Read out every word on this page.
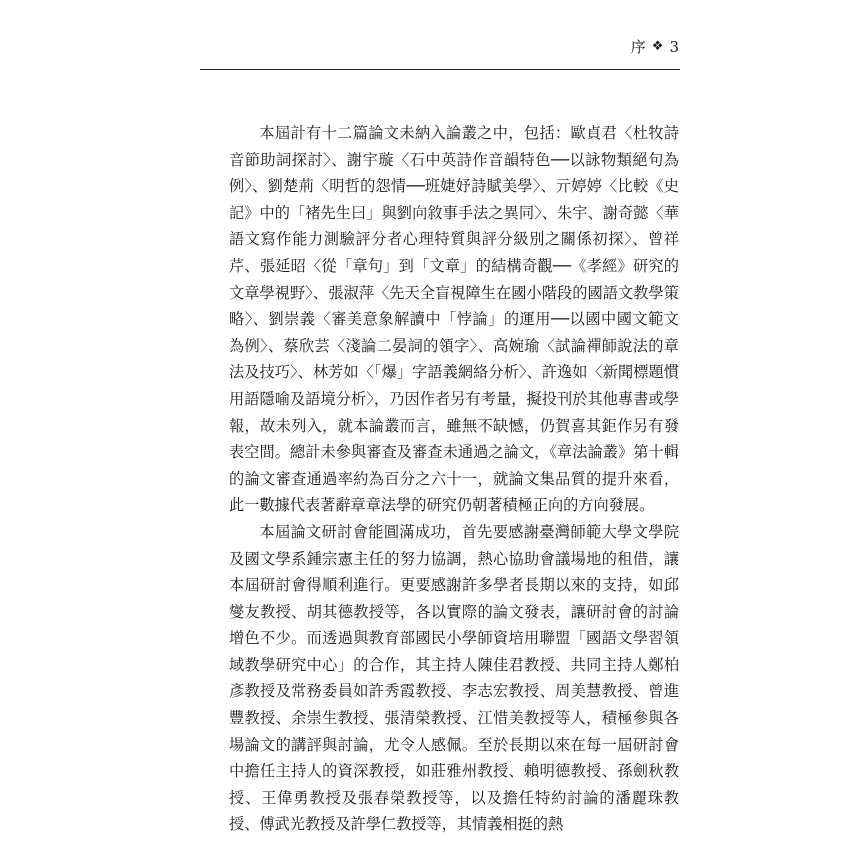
序 ❖ 3

本屆計有十二篇論文未納入論叢之中，包括：歐貞君〈杜牧詩音節助詞探討〉、謝宇璇〈石中英詩作音韻特色──以詠物類絕句為例〉、劉楚荊〈明哲的怨情──班婕妤詩賦美學〉、亓婷婷〈比較《史記》中的「褚先生曰」與劉向敘事手法之異同〉、朱宇、謝奇懿〈華語文寫作能力測驗評分者心理特質與評分級別之關係初探〉、曾祥芹、張延昭〈從「章句」到「文章」的結構奇觀──《孝經》研究的文章學視野〉、張淑萍〈先天全盲視障生在國小階段的國語文教學策略〉、劉崇義〈審美意象解讀中「悖論」的運用──以國中國文範文為例〉、蔡欣芸〈淺論二晏詞的領字〉、高婉瑜〈試論禪師說法的章法及技巧〉、林芳如〈「爆」字語義網絡分析〉、許逸如〈新聞標題慣用語隱喻及語境分析〉，乃因作者另有考量，擬投刊於其他專書或學報，故未列入，就本論叢而言，雖無不缺憾，仍賀喜其鉅作另有發表空間。總計未參與審查及審查未通過之論文，《章法論叢》第十輯的論文審查通過率約為百分之六十一，就論文集品質的提升來看，此一數據代表著辭章章法學的研究仍朝著積極正向的方向發展。

本屆論文研討會能圓滿成功，首先要感謝臺灣師範大學文學院及國文學系鍾宗憲主任的努力協調，熱心協助會議場地的租借，讓本屆研討會得順利進行。更要感謝許多學者長期以來的支持，如邱燮友教授、胡其德教授等，各以實際的論文發表，讓研討會的討論增色不少。而透過與教育部國民小學師資培用聯盟「國語文學習領域教學研究中心」的合作，其主持人陳佳君教授、共同主持人鄭柏彥教授及常務委員如許秀霞教授、李志宏教授、周美慧教授、曾進豐教授、余崇生教授、張清榮教授、江惜美教授等人，積極參與各場論文的講評與討論，尤令人感佩。至於長期以來在每一屆研討會中擔任主持人的資深教授，如莊雅州教授、賴明德教授、孫劍秋教授、王偉勇教授及張春榮教授等，以及擔任特約討論的潘麗珠教授、傅武光教授及許學仁教授等，其情義相挺的熱
